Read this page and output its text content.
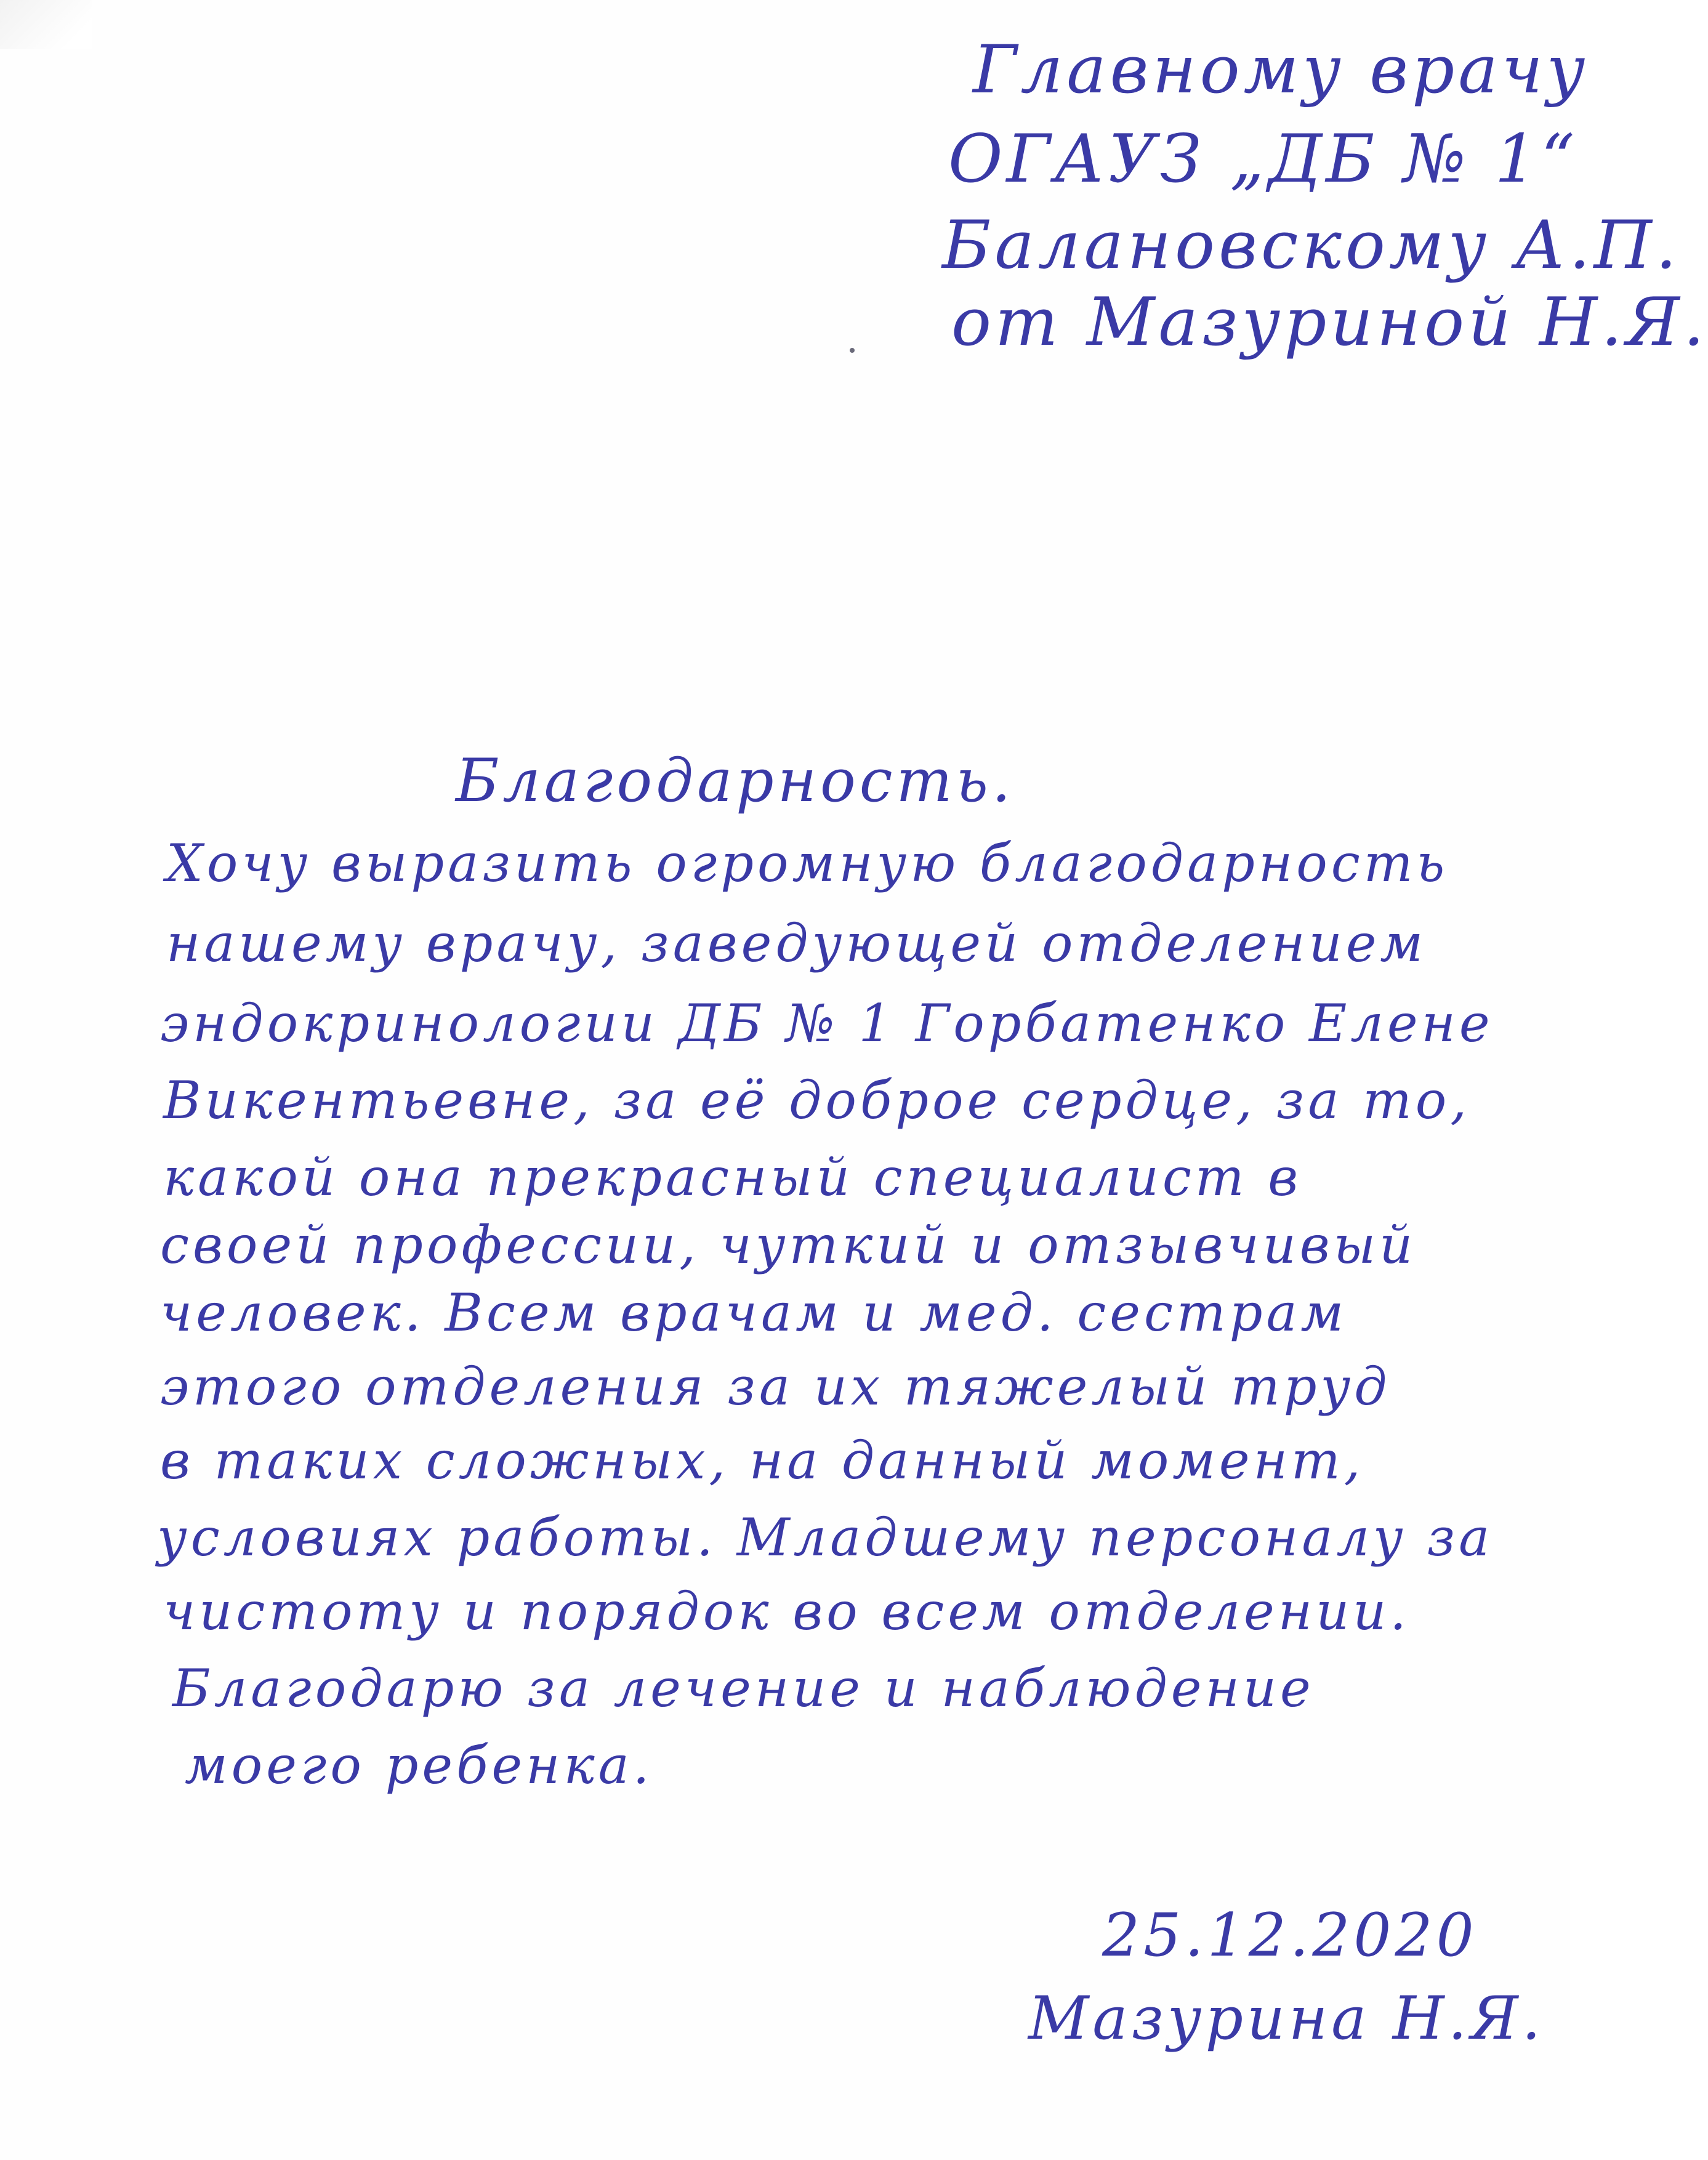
Главному врачу
ОГАУЗ „ДБ № 1“
Балановскому А.П.
от Мазуриной Н.Я.
Благодарность.
Хочу выразить огромную благодарность
нашему врачу, заведующей отделением
эндокринологии ДБ № 1 Горбатенко Елене
Викентьевне, за её доброе сердце, за то,
какой она прекрасный специалист в
своей профессии, чуткий и отзывчивый
человек. Всем врачам и мед. сестрам
этого отделения за их тяжелый труд
в таких сложных, на данный момент,
условиях работы. Младшему персоналу за
чистоту и порядок во всем отделении.
Благодарю за лечение и наблюдение
моего ребенка.
25.12.2020
Мазурина Н.Я.
